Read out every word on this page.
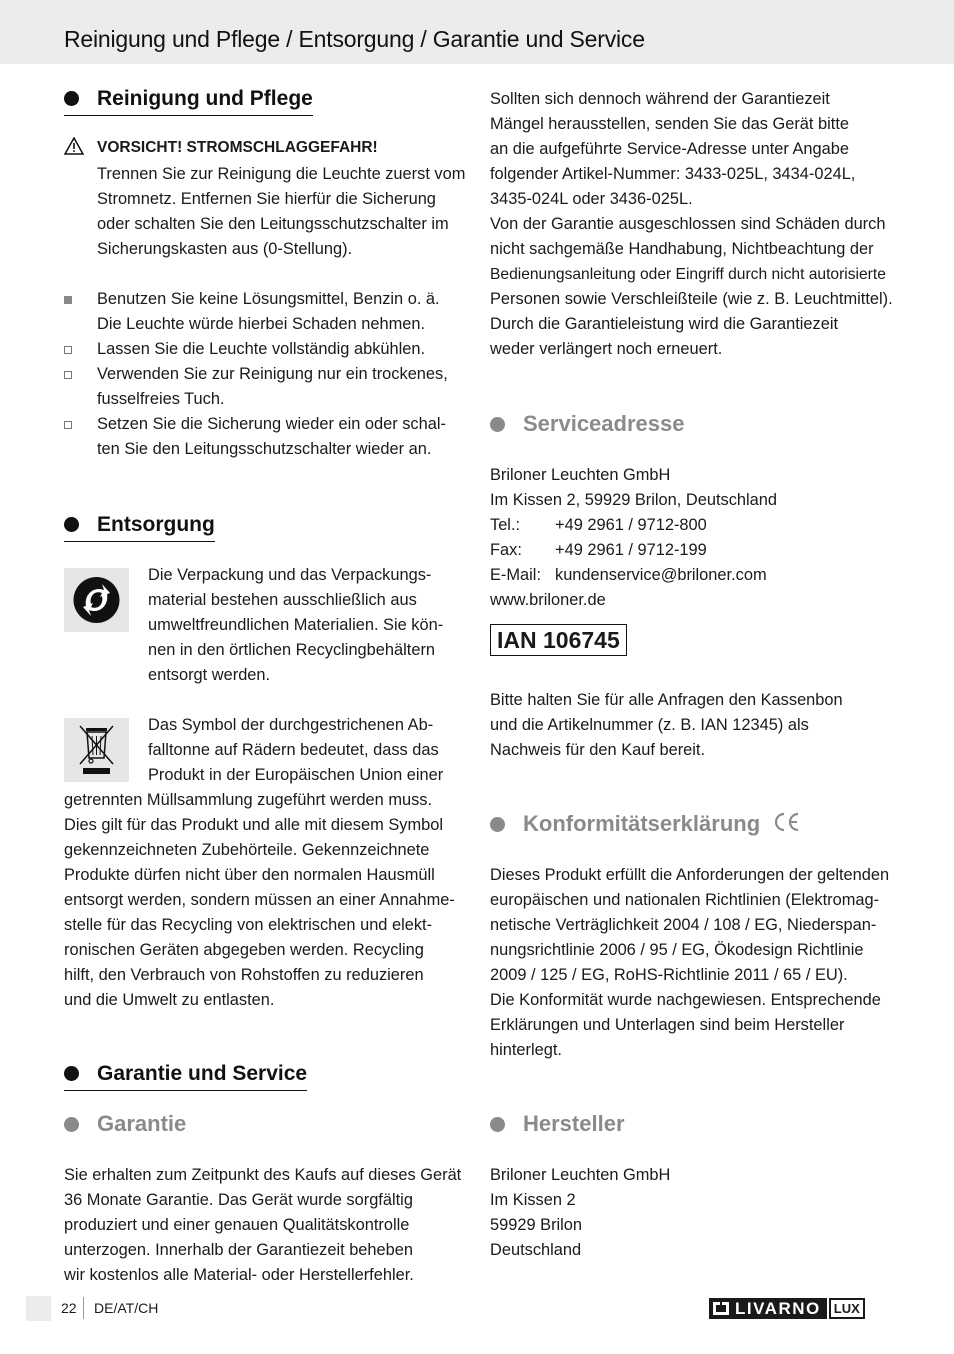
Reinigung und Pflege / Entsorgung / Garantie und Service
Reinigung und Pflege
VORSICHT! STROMSCHLAGGEFAHR!

Trennen Sie zur Reinigung die Leuchte zuerst vom

Stromnetz. Entfernen Sie hierfür die Sicherung

oder schalten Sie den Leitungsschutzschalter im

Sicherungskasten aus (0-Stellung).

Benutzen Sie keine Lösungsmittel, Benzin o. ä.

Die Leuchte würde hierbei Schaden nehmen.

Lassen Sie die Leuchte vollständig abkühlen.

Verwenden Sie zur Reinigung nur ein trockenes,

fusselfreies Tuch.

Setzen Sie die Sicherung wieder ein oder schal-

ten Sie den Leitungsschutzschalter wieder an.

Entsorgung

Die Verpackung und das Verpackungs-

material bestehen ausschließlich aus

umweltfreundlichen Materialien. Sie kön-

nen in den örtlichen Recyclingbehältern

entsorgt werden.

Das Symbol der durchgestrichenen Ab-

falltonne auf Rädern bedeutet, dass das

Produkt in der Europäischen Union einer

getrennten Müllsammlung zugeführt werden muss.

Dies gilt für das Produkt und alle mit diesem Symbol

gekennzeichneten Zubehörteile. Gekennzeichnete

Produkte dürfen nicht über den normalen Hausmüll

entsorgt werden, sondern müssen an einer Annahme-

stelle für das Recycling von elektrischen und elekt-

ronischen Geräten abgegeben werden. Recycling

hilft, den Verbrauch von Rohstoffen zu reduzieren

und die Umwelt zu entlasten.

Garantie und Service
Garantie

Sie erhalten zum Zeitpunkt des Kaufs auf dieses Gerät

36 Monate Garantie. Das Gerät wurde sorgfältig

produziert und einer genauen Qualitätskontrolle

unterzogen. Innerhalb der Garantiezeit beheben

wir kostenlos alle Material- oder Herstellerfehler.

Sollten sich dennoch während der Garantiezeit

Mängel herausstellen, senden Sie das Gerät bitte

an die aufgeführte Service-Adresse unter Angabe

folgender Artikel-Nummer: 3433-025L, 3434-024L,

3435-024L oder 3436-025L.

Von der Garantie ausgeschlossen sind Schäden durch

nicht sachgemäße Handhabung, Nichtbeachtung der

Bedienungsanleitung oder Eingriff durch nicht autorisierte

Personen sowie Verschleißteile (wie z. B. Leuchtmittel).

Durch die Garantieleistung wird die Garantiezeit

weder verlängert noch erneuert.

Serviceadresse

Briloner Leuchten GmbH

Im Kissen 2, 59929 Brilon, Deutschland

Tel.:	+49 2961 / 9712-800
Fax:	+49 2961 / 9712-199
E-Mail: kundenservice@briloner.com

www.briloner.de

IAN 106745

Bitte halten Sie für alle Anfragen den Kassenbon

und die Artikelnummer (z. B. IAN 12345) als

Nachweis für den Kauf bereit.

Konformitätserklärung

Dieses Produkt erfüllt die Anforderungen der geltenden

europäischen und nationalen Richtlinien (Elektromag-

netische Verträglichkeit 2004 / 108 / EG, Niederspan-

nungsrichtlinie 2006 / 95 / EG, Ökodesign Richtlinie

2009 / 125 / EG, RoHS-Richtlinie 2011 / 65 / EU).

Die Konformität wurde nachgewiesen. Entsprechende

Erklärungen und Unterlagen sind beim Hersteller

hinterlegt.

Hersteller

Briloner Leuchten GmbH

Im Kissen 2

59929 Brilon

Deutschland

22 DE/AT/CH	LIVARNO	LUX
